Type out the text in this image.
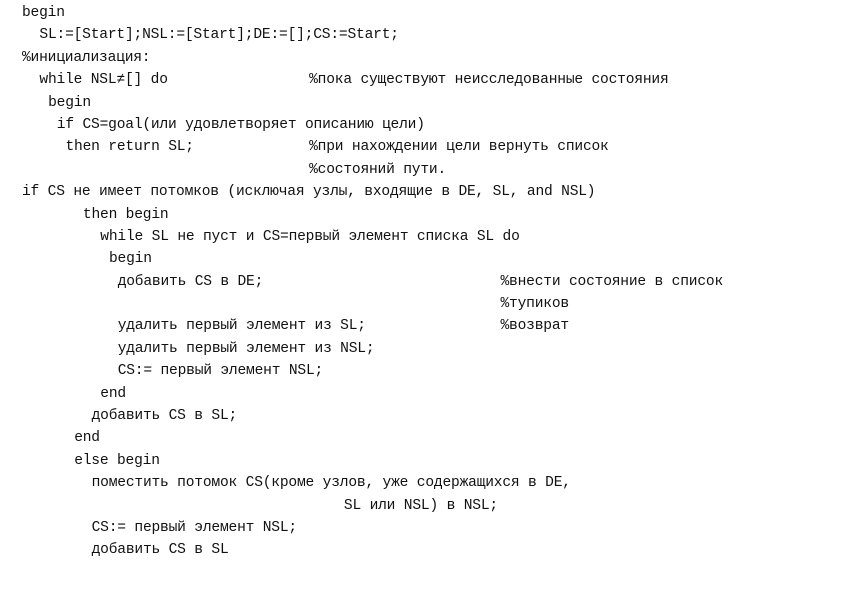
begin
SL:=[Start];NSL:=[Start];DE:=[];CS:=Start;
%инициализация:
while NSL≠[] do	%пока существуют неисследованные состояния
begin
if CS=goal(или удовлетворяет описанию цели)
then return SL;	%при нахождении цели вернуть список
%состояний пути.
if CS не имеет потомков (исключая узлы, входящие в DE, SL, and NSL)
then begin
while SL не пуст и CS=первый элемент списка SL do
begin
добавить CS в DE;	%внести состояние в список
%тупиков
удалить первый элемент из SL;	%возврат
удалить первый элемент из NSL;
CS:= первый элемент NSL;
end
добавить CS в SL;
end
else begin
поместить потомок CS(кроме узлов, уже содержащихся в DE,
SL или NSL) в NSL;
CS:= первый элемент NSL;
добавить CS в SL
